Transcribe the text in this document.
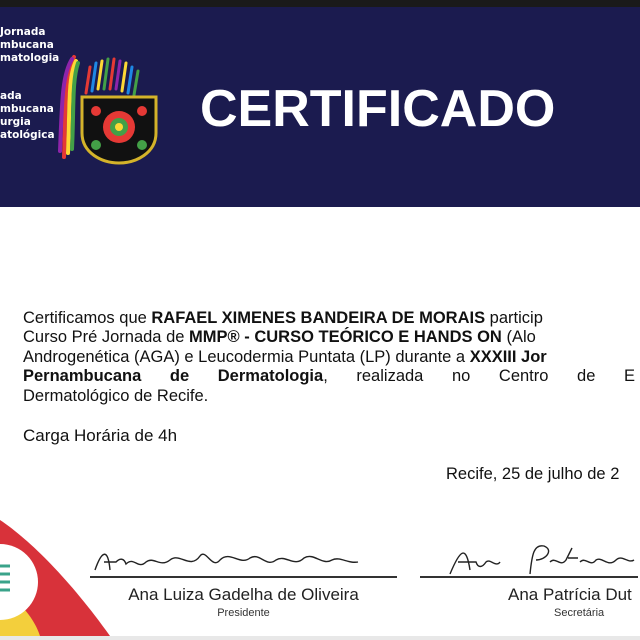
Jornada
mbucana
matologia
ada
mbucana
urgia
atológica	CERTIFICADO
Certificamos que RAFAEL XIMENES BANDEIRA DE MORAIS particip
Curso Pré Jornada de MMP® - CURSO TEÓRICO E HANDS ON (Alo
Androgenética (AGA) e Leucodermia Puntata (LP) durante a XXXIII Jor
Pernambucana de Dermatologia, realizada no Centro de E
Dermatológico de Recife.
Carga Horária de 4h
Recife, 25 de julho de 2
Ana Luiza Gadelha de Oliveira
Presidente
Ana Patrícia Dut
Secretária
